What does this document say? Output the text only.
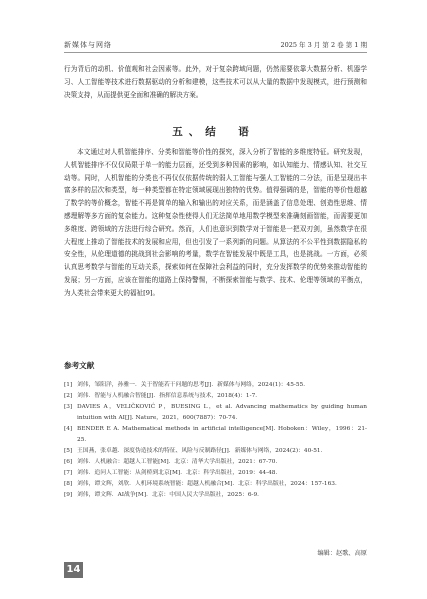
新媒体与网络	2025 年 3 月 第 2 卷 第 1 期

行为背后的动机、价值观和社会因素等。此外，对于复杂跨域问题，仍然需要依靠大数据分析、机器学习、人工智能等技术进行数据驱动的分析和建模，这些技术可以从大量的数据中发现模式，进行预测和决策支持，从而提供更全面和准确的解决方案。

五、结　语

本文通过对人机智能排序、分类和智能等价性的探究，深入分析了智能的多维度特征。研究发现，人机智能排序不仅仅局限于单一的能力层面，还受到多种因素的影响，如认知能力、情感认知、社交互动等。同时，人机智能的分类也不再仅仅依据传统的弱人工智能与强人工智能的二分法，而是呈现出丰富多样的层次和类型，每一种类型都在特定领域展现出独特的优势。值得强调的是，智能的等价性超越了数学的等价概念，智能不再是简单的输入和输出的对应关系，而是涵盖了信息处理、创造性思维、情感理解等多方面的复杂能力。这种复杂性使得人们无法简单地用数学模型来准确刻画智能，而需要更加多维度、跨领域的方法进行综合研究。然而，人们也意识到数学对于智能是一把双刃剑，虽然数学在很大程度上推动了智能技术的发展和应用，但也引发了一系列新的问题。从算法的不公平性到数据隐私的安全性，从伦理道德的挑战到社会影响的考量，数学在智能发展中既是工具，也是挑战。一方面，必须认真思考数学与智能的互动关系，探索如何在保障社会利益的同时，充分发挥数学的优势来推动智能的发展；另一方面，应该在智能的道路上保持警惕，不断探索智能与数学、技术、伦理等领域的平衡点，为人类社会带来更大的福祉[9]。

参考文献
[1] 刘伟，邹阳洋，孙雅一．关于智能若干问题的思考[J]．新媒体与网络，2024(1)：45-55．
[2] 刘伟．智能与人机融合智能[J]．指挥信息系统与技术，2018(4)：1-7．
[3] DAVIES A，VELIČKOVIĆ P，BUESING L，et al. Advancing mathematics by guiding human intuition with AI[J]. Nature，2021，600(7887)：70-74．
[4] BENDER E A. Mathematical methods in artificial intelligence[M]. Hoboken：Wiley，1996：21-25．
[5] 王国燕，张卓越．深度伪造技术的特征、风险与反制路径[J]．新媒体与网络，2024(2)：40-51．
[6] 刘伟．人机融合：超越人工智能[M]．北京：清华大学出版社，2021：67-70．
[7] 刘伟．追问人工智能：从剑桥到北京[M]．北京：科学出版社，2019：44-48．
[8] 刘伟，谭文辉，刘欣．人机环境系统智能：超越人机融合[M]．北京：科学出版社，2024：157-163．
[9] 刘伟，谭文辉．AI战争[M]．北京：中国人民大学出版社，2025：6-9．
编辑：赵歌、高原
14
